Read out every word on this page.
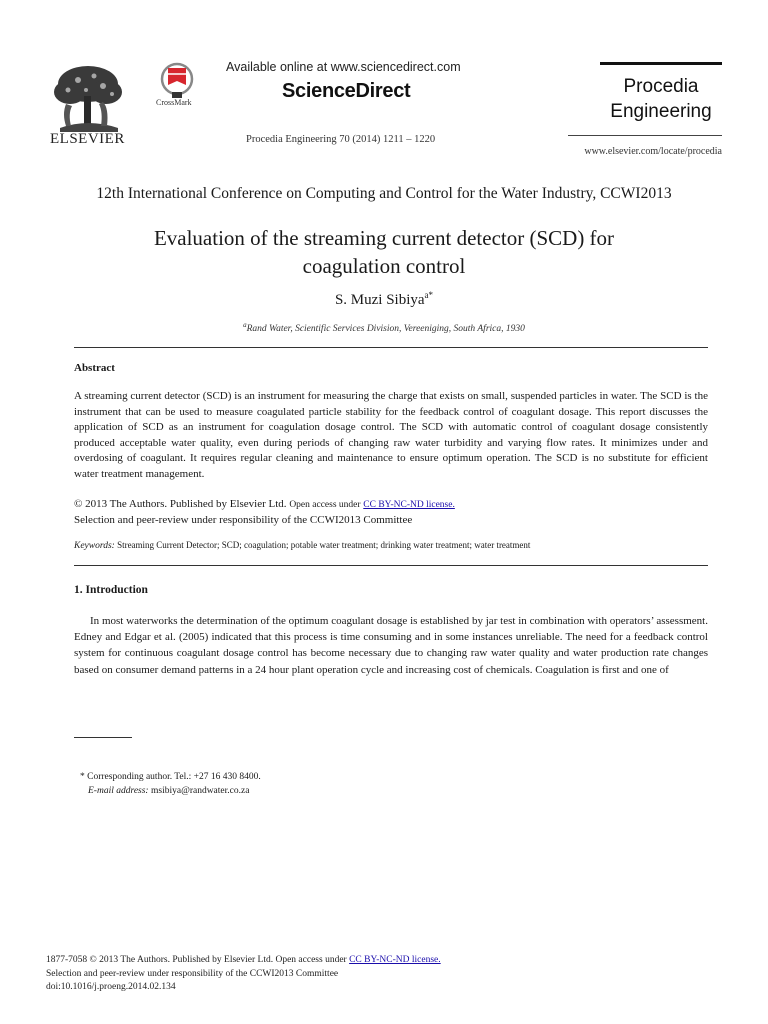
ELSEVIER
CrossMark
Available online at www.sciencedirect.com
ScienceDirect
Procedia Engineering 70 (2014) 1211 – 1220
Procedia
Engineering
www.elsevier.com/locate/procedia
12th International Conference on Computing and Control for the Water Industry, CCWI2013
Evaluation of the streaming current detector (SCD) for
coagulation control
S. Muzi Sibiya$^{a*}$
$^a$Rand Water, Scientific Services Division, Vereeniging, South Africa, 1930
Abstract
A streaming current detector (SCD) is an instrument for measuring the charge that exists on small, suspended particles in water. The SCD is the instrument that can be used to measure coagulated particle stability for the feedback control of coagulant dosage. This report discusses the application of SCD as an instrument for coagulation dosage control. The SCD with automatic control of coagulant dosage consistently produced acceptable water quality, even during periods of changing raw water turbidity and varying flow rates. It minimizes under and overdosing of coagulant. It requires regular cleaning and maintenance to ensure optimum operation. The SCD is no substitute for efficient water treatment management.
© 2013 The Authors. Published by Elsevier Ltd. Open access under CC BY-NC-ND license.
Selection and peer-review under responsibility of the CCWI2013 Committee
Keywords: Streaming Current Detector; SCD; coagulation; potable water treatment; drinking water treatment; water treatment
1. Introduction
In most waterworks the determination of the optimum coagulant dosage is established by jar test in combination with operators’ assessment. Edney and Edgar et al. (2005) indicated that this process is time consuming and in some instances unreliable. The need for a feedback control system for continuous coagulant dosage control has become necessary due to changing raw water quality and water production rate changes based on consumer demand patterns in a 24 hour plant operation cycle and increasing cost of chemicals. Coagulation is first and one of
* Corresponding author. Tel.: +27 16 430 8400.
E-mail address: msibiya@randwater.co.za
1877-7058 © 2013 The Authors. Published by Elsevier Ltd. Open access under CC BY-NC-ND license.
Selection and peer-review under responsibility of the CCWI2013 Committee
doi:10.1016/j.proeng.2014.02.134
